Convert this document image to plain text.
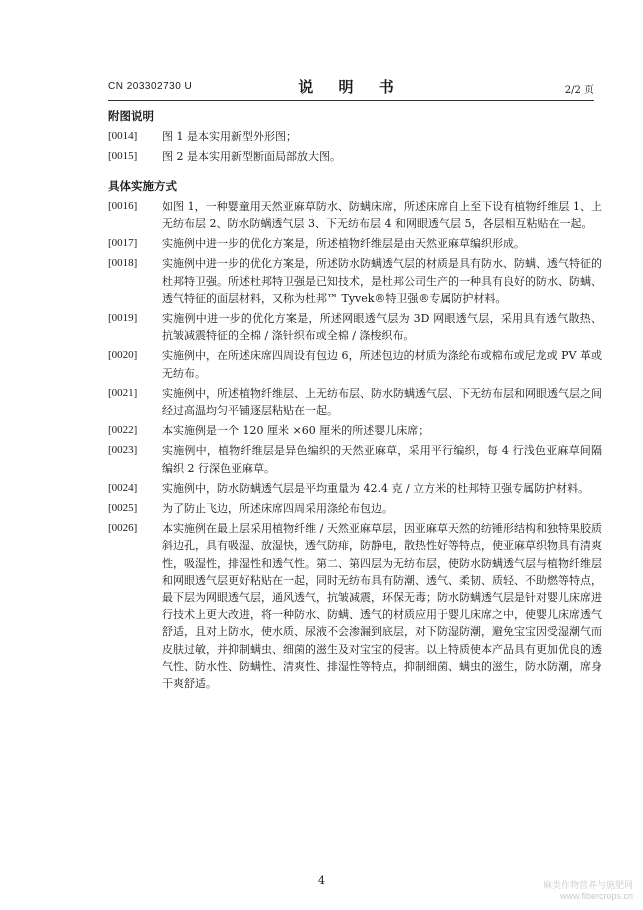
CN 203302730 U	说 明 书	2/2 页
附图说明
[0014]	图 1 是本实用新型外形图；
[0015]	图 2 是本实用新型断面局部放大图。
具体实施方式
[0016]	如图 1，一种婴童用天然亚麻草防水、防螨床席，所述床席自上至下设有植物纤维层 1、上无纺布层 2、防水防螨透气层 3、下无纺布层 4 和网眼透气层 5，各层相互粘贴在一起。
[0017]	实施例中进一步的优化方案是，所述植物纤维层是由天然亚麻草编织形成。
[0018]	实施例中进一步的优化方案是，所述防水防螨透气层的材质是具有防水、防螨、透气特征的杜邦特卫强。所述杜邦特卫强是已知技术，是杜邦公司生产的一种具有良好的防水、防螨、透气特征的面层材料，又称为杜邦™ Tyvek®特卫强®专属防护材料。
[0019]	实施例中进一步的优化方案是，所述网眼透气层为 3D 网眼透气层，采用具有透气散热、抗皱减震特征的全棉 / 涤针织布或全棉 / 涤梭织布。
[0020]	实施例中，在所述床席四周设有包边 6，所述包边的材质为涤纶布或棉布或尼龙或 PV 革或无纺布。
[0021]	实施例中，所述植物纤维层、上无纺布层、防水防螨透气层、下无纺布层和网眼透气层之间经过高温均匀平铺逐层粘贴在一起。
[0022]	本实施例是一个 120 厘米 ×60 厘米的所述婴儿床席；
[0023]	实施例中，植物纤维层是异色编织的天然亚麻草，采用平行编织，每 4 行浅色亚麻草间隔编织 2 行深色亚麻草。
[0024]	实施例中，防水防螨透气层是平均重量为 42.4 克 / 立方米的杜邦特卫强专属防护材料。
[0025]	为了防止飞边，所述床席四周采用涤纶布包边。
[0026]	本实施例在最上层采用植物纤维 / 天然亚麻草层，因亚麻草天然的纺锤形结构和独特果胶质斜边孔，具有吸湿、放湿快，透气防痱，防静电，散热性好等特点，使亚麻草织物具有清爽性，吸湿性，排湿性和透气性。第二、第四层为无纺布层，使防水防螨透气层与植物纤维层和网眼透气层更好粘贴在一起，同时无纺布具有防潮、透气、柔韧、质轻、不助燃等特点，最下层为网眼透气层，通风透气，抗皱减震，环保无毒；防水防螨透气层是针对婴儿床席进行技术上更大改进，将一种防水、防螨、透气的材质应用于婴儿床席之中，使婴儿床席透气舒适，且对上防水，使水质、尿液不会渗漏到底层，对下防湿防潮，避免宝宝因受湿潮气而皮肤过敏，并抑制螨虫、细菌的滋生及对宝宝的侵害。以上特质使本产品具有更加优良的透气性、防水性、防螨性、清爽性、排湿性等特点，抑制细菌、螨虫的滋生，防水防潮，席身干爽舒适。
4	麻类作物营养与施肥网
www.fibercrops.cn
